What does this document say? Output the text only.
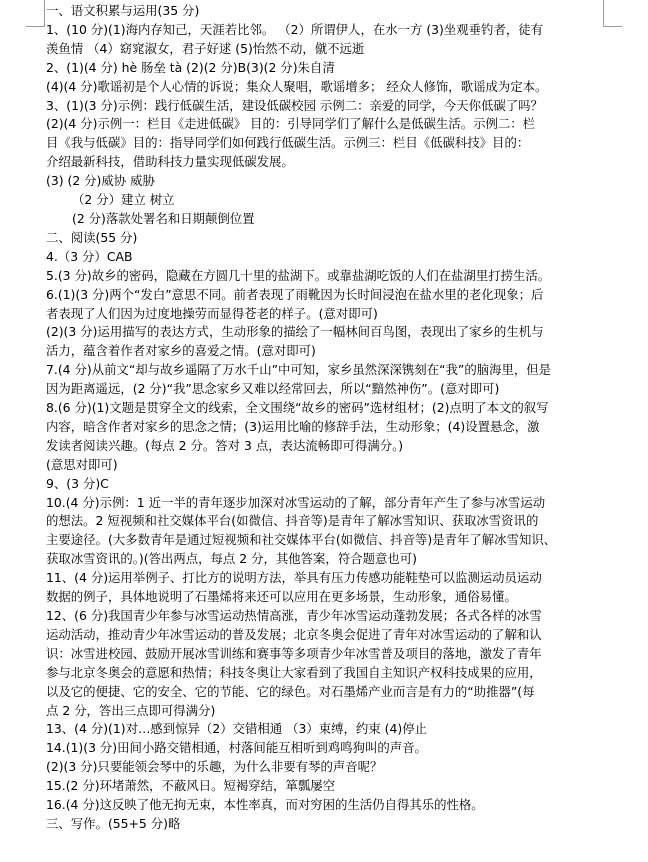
一、语文积累与运用(35 分)
1、(10 分)(1)海内存知己，天涯若比邻。 （2）所谓伊人，在水一方 (3)坐观垂钓者，徒有
羡鱼情 （4）窈窕淑女，君子好逑 (5)怡然不动，僦不远逝
2、(1)(4 分) hè 肠垒 tà (2)(2 分)B(3)(2 分)朱自清
(4)(4 分)歌谣初是个人心情的诉说；集众人聚唱，歌谣增多； 经众人修饰，歌谣成为定本。
3、(1)(3 分)示例：践行低碳生活，建设低碳校园 示例二：亲爱的同学，今天你低碳了吗？
(2)(4 分)示例一：栏目《走进低碳》 目的：引导同学们了解什么是低碳生活。示例二：栏
目《我与低碳》目的：指导同学们如何践行低碳生活。示例三：栏目《低碳科技》目的：
介绍最新科技，借助科技力量实现低碳发展。
(3) (2 分)威协 威胁
（2 分）建立 树立
(2 分)落款处署名和日期颠倒位置
二、阅读(55 分)
4.（3 分）CAB
5.(3 分)故乡的密码，隐藏在方圆几十里的盐湖下。或靠盐湖吃饭的人们在盐湖里打捞生活。
6.(1)(3 分)两个“发白”意思不同。前者表现了雨靴因为长时间浸泡在盐水里的老化现象；后
者表现了人们因为过度地操劳而显得苍老的样子。(意对即可)
(2)(3 分)运用描写的表达方式，生动形象的描绘了一幅林间百鸟图，表现出了家乡的生机与
活力，蕴含着作者对家乡的喜爱之情。(意对即可)
7.(4 分)从前文“却与故乡遥隔了万水千山”中可知，家乡虽然深深镌刻在“我”的脑海里，但是
因为距离遥远，(2 分)“我”思念家乡又难以经常回去，所以“黯然神伤”。(意对即可)
8.(6 分)(1)文题是贯穿全文的线索，全文围绕“故乡的密码”选材组材；(2)点明了本文的叙写
内容，暗含作者对家乡的思念之情；(3)运用比喻的修辞手法，生动形象；(4)设置悬念，激
发读者阅读兴趣。(每点 2 分。答对 3 点，表达流畅即可得满分。)
(意思对即可)
9、(3 分)C
10.(4 分)示例：1 近一半的青年逐步加深对冰雪运动的了解，部分青年产生了参与冰雪运动
的想法。2 短视频和社交媒体平台(如微信、抖音等)是青年了解冰雪知识、获取冰雪资讯的
主要途径。(大多数青年是通过短视频和社交媒体平台(如微信、抖音等)是青年了解冰雪知识、
获取冰雪资讯的。)(答出两点，每点 2 分，其他答案，符合题意也可)
11、(4 分)运用举例子、打比方的说明方法，举具有压力传感功能鞋垫可以监测运动员运动
数据的例子，具体地说明了石墨烯将来还可以应用在更多场景，生动形象，通俗易懂。
12、(6 分)我国青少年参与冰雪运动热情高涨，青少年冰雪运动蓬勃发展；各式各样的冰雪
运动活动，推动青少年冰雪运动的普及发展；北京冬奥会促进了青年对冰雪运动的了解和认
识：冰雪进校园、鼓励开展冰雪训练和赛事等多项青少年冰雪普及项目的落地，激发了青年
参与北京冬奥会的意愿和热情；科技冬奥让大家看到了我国自主知识产权科技成果的应用，
以及它的便捷、它的安全、它的节能、它的绿色。对石墨烯产业而言是有力的“助推器”(每
点 2 分，答出三点即可得满分)
13、(4 分)(1)对…感到惊异（2）交错相通 （3）束缚，约束 (4)停止
14.(1)(3 分)田间小路交错相通，村落间能互相听到鸡鸣狗叫的声音。
(2)(3 分)只要能领会琴中的乐趣，为什么非要有琴的声音呢？
15.(2 分)环堵萧然，不蔽风日。短褐穿结，箪瓢屡空
16.(4 分)这反映了他无拘无束，本性率真，而对穷困的生活仍自得其乐的性格。
三、写作。(55+5 分)略
